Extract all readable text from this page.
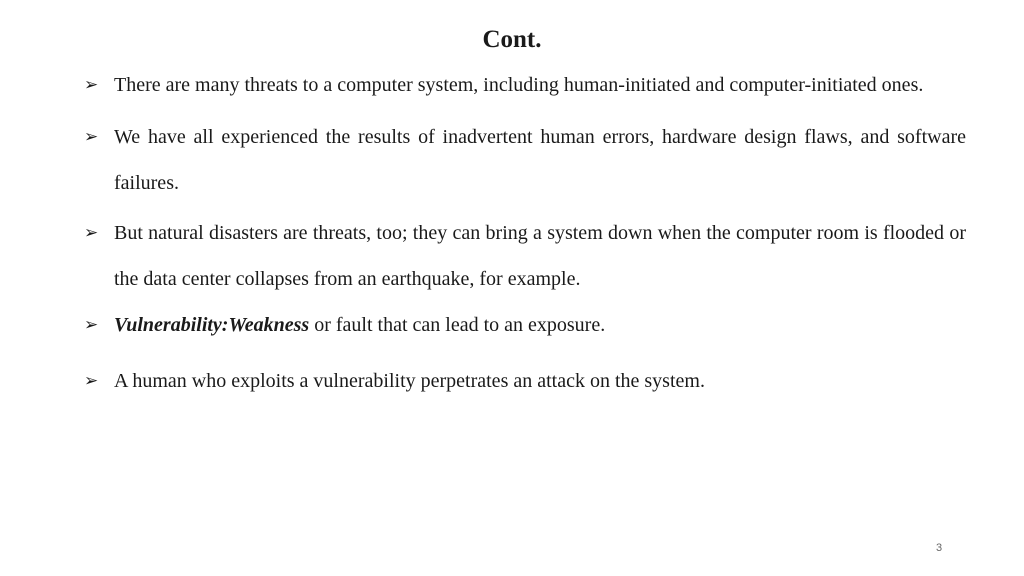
Cont.
➢ There are many threats to a computer system, including human-initiated and computer-initiated ones.
➢ We have all experienced the results of inadvertent human errors, hardware design flaws, and software failures.
➢ But natural disasters are threats, too; they can bring a system down when the computer room is flooded or the data center collapses from an earthquake, for example.
➢ Vulnerability:Weakness or fault that can lead to an exposure.
➢ A human who exploits a vulnerability perpetrates an attack on the system.
3
